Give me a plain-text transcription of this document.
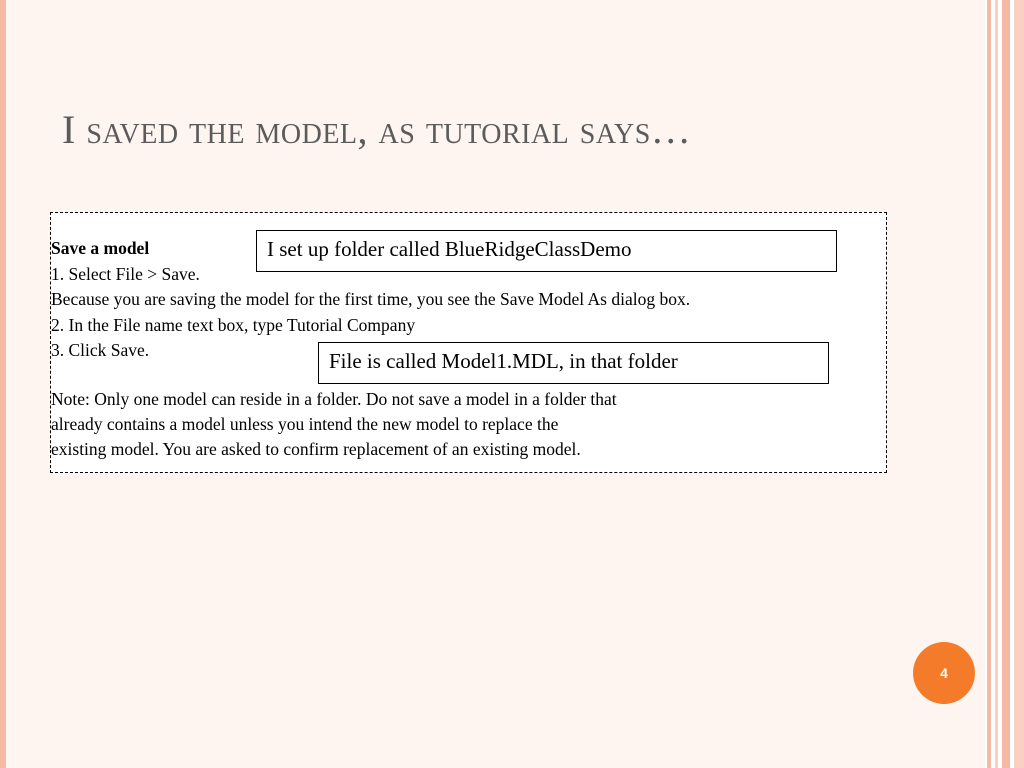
I saved the model, as tutorial says…
Save a model
1. Select File > Save.
Because you are saving the model for the first time, you see the Save Model As dialog box.
2. In the File name text box, type Tutorial Company
3. Click Save.
Note: Only one model can reside in a folder. Do not save a model in a folder that
already contains a model unless you intend the new model to replace the
existing model. You are asked to confirm replacement of an existing model.
I set up folder called BlueRidgeClassDemo
File is called Model1.MDL, in that folder
4
